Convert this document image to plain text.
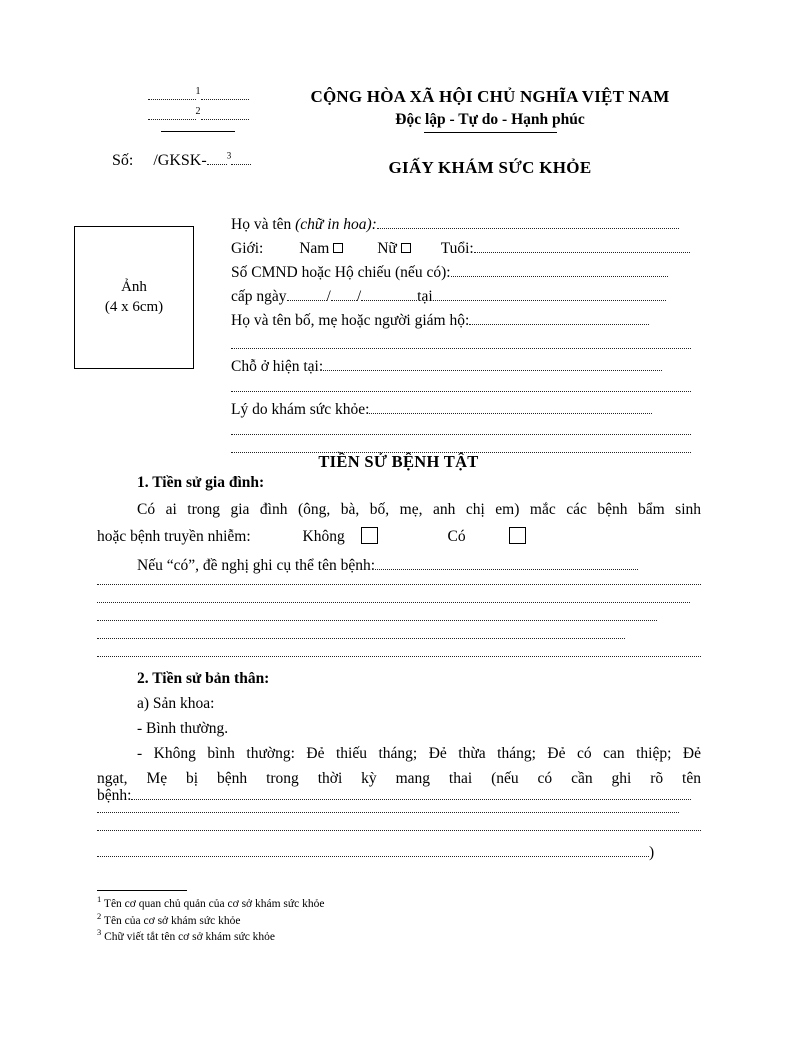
$^1$
$^2$
Số: /GKSK- $^3$
CỘNG HÒA XÃ HỘI CHỦ NGHĨA VIỆT NAM
Độc lập - Tự do - Hạnh phúc
GIẤY KHÁM SỨC KHỎE
Ảnh
(4 x 6cm)
Họ và tên (chữ in hoa):
Giới: Nam	Nữ	Tuổi:
Số CMND hoặc Hộ chiếu (nếu có):
cấp ngày	/ /	tại
Họ và tên bố, mẹ hoặc người giám hộ:
Chỗ ở hiện tại:
Lý do khám sức khỏe:
TIỀN SỬ BỆNH TẬT
1. Tiền sử gia đình:
Có ai trong gia đình (ông, bà, bố, mẹ, anh chị em) mắc các bệnh bẩm sinh
hoặc bệnh truyền nhiễm:	Không	Có
Nếu “có”, đề nghị ghi cụ thể tên bệnh:
2. Tiền sử bản thân:
a) Sản khoa:
- Bình thường.
- Không bình thường: Đẻ thiếu tháng; Đẻ thừa tháng; Đẻ có can thiệp; Đẻ
ngạt, Mẹ bị bệnh trong thời kỳ mang thai (nếu có cần ghi rõ tên
bệnh:
)
$^1$ Tên cơ quan chủ quản của cơ sở khám sức khỏe
$^2$ Tên của cơ sở khám sức khỏe
$^3$ Chữ viết tắt tên cơ sở khám sức khỏe
